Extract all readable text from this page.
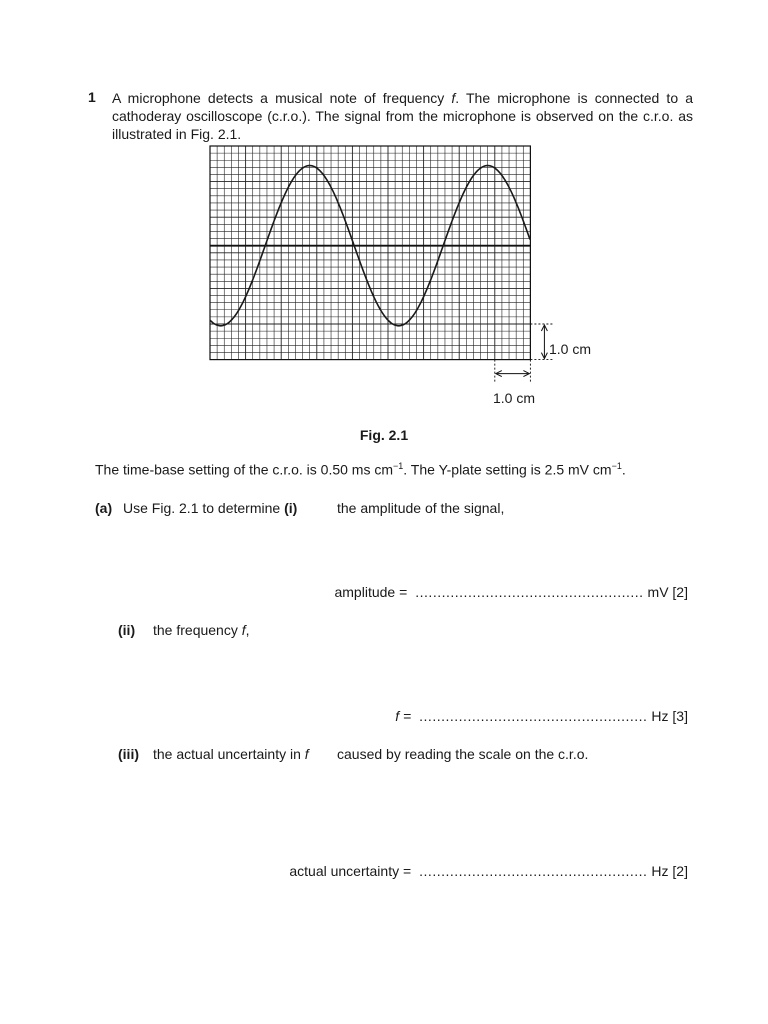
1 A microphone detects a musical note of frequency f. The microphone is connected to a
cathoderay oscilloscope (c.r.o.). The signal from the microphone is observed on the c.r.o. as
illustrated in Fig. 2.1.
1.0 cm
1.0 cm
Fig. 2.1
The time-base setting of the c.r.o. is 0.50 ms $cm^{-1}$. The Y-plate setting is 2.5 mV $cm^{-1}$.
(a) Use Fig. 2.1 to determine (i)	the amplitude of the signal,
amplitude = .................................................... mV [2]
(ii) the frequency f,
f = .................................................... Hz [3]
(iii) the actual uncertainty in f caused by reading the scale on the c.r.o.
actual uncertainty = .................................................... Hz [2]
